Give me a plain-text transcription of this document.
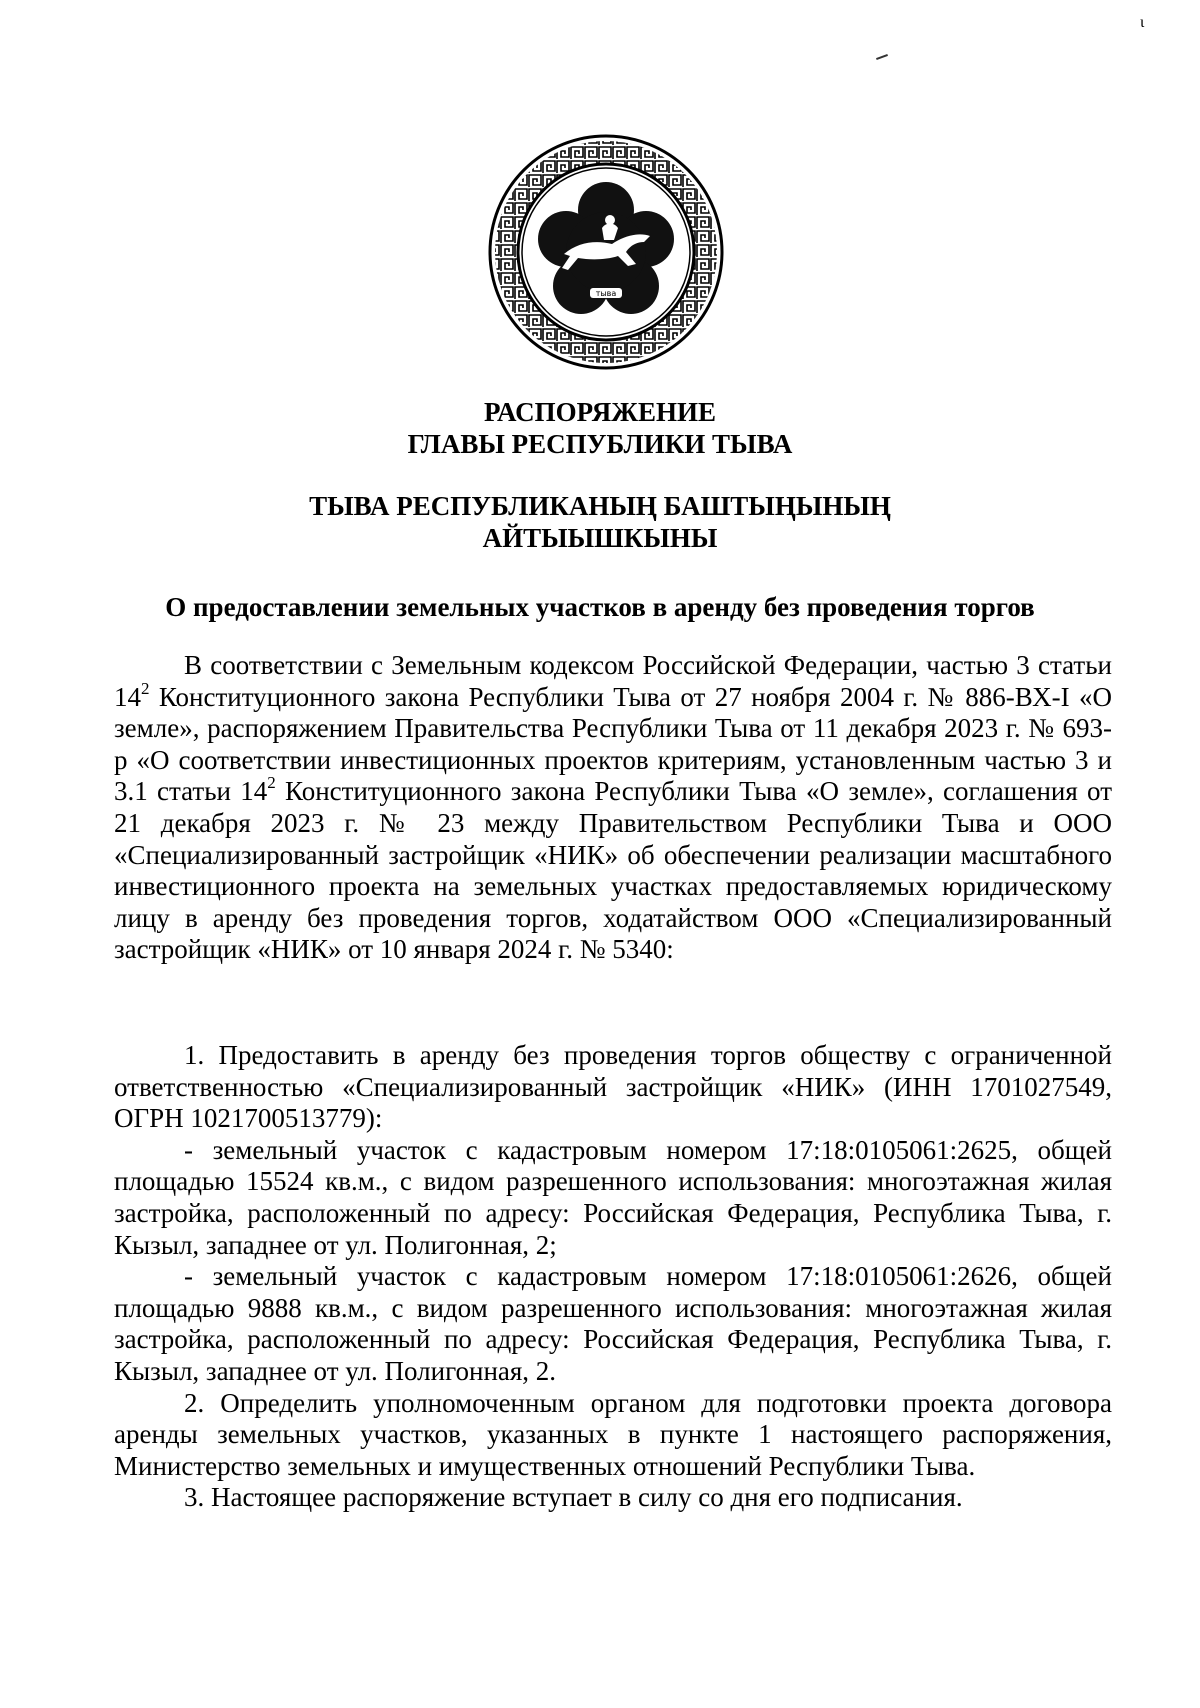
ι
тыва
РАСПОРЯЖЕНИЕ
ГЛАВЫ РЕСПУБЛИКИ ТЫВА
ТЫВА РЕСПУБЛИКАНЫҢ БАШТЫҢЫНЫҢ
АЙТЫЫШКЫНЫ
О предоставлении земельных участков в аренду без проведения торгов

В соответствии с Земельным кодексом Российской Федерации, частью 3 статьи $14^2$ Конституционного закона Республики Тыва от 27 ноября 2004 г. № 886-ВХ-I «О земле», распоряжением Правительства Республики Тыва от 11 декабря 2023 г. № 693-р «О соответствии инвестиционных проектов критериям, установленным частью 3 и 3.1 статьи $14^2$ Конституционного закона Республики Тыва «О земле», соглашения от 21 декабря 2023 г. № 23 между Правительством Республики Тыва и ООО «Специализированный застройщик «НИК» об обеспечении реализации масштабного инвестиционного проекта на земельных участках предоставляемых юридическому лицу в аренду без проведения торгов, ходатайством ООО «Специализированный застройщик «НИК» от 10 января 2024 г. № 5340:

1. Предоставить в аренду без проведения торгов обществу с ограниченной ответственностью «Специализированный застройщик «НИК» (ИНН 1701027549, ОГРН 1021700513779):

- земельный участок с кадастровым номером 17:18:0105061:2625, общей площадью 15524 кв.м., с видом разрешенного использования: многоэтажная жилая застройка, расположенный по адресу: Российская Федерация, Республика Тыва, г. Кызыл, западнее от ул. Полигонная, 2;

- земельный участок с кадастровым номером 17:18:0105061:2626, общей площадью 9888 кв.м., с видом разрешенного использования: многоэтажная жилая застройка, расположенный по адресу: Российская Федерация, Республика Тыва, г. Кызыл, западнее от ул. Полигонная, 2.

2. Определить уполномоченным органом для подготовки проекта договора аренды земельных участков, указанных в пункте 1 настоящего распоряжения, Министерство земельных и имущественных отношений Республики Тыва.

3. Настоящее распоряжение вступает в силу со дня его подписания.
